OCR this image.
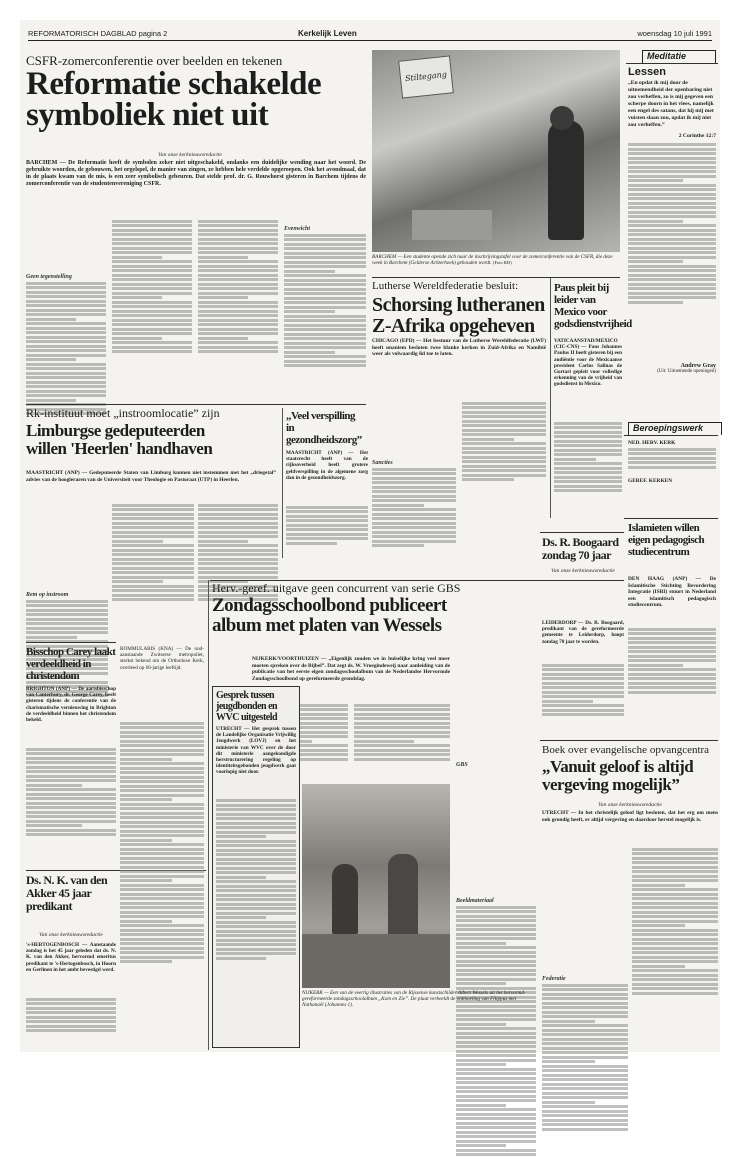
REFORMATORISCH DAGBLAD pagina 2	Kerkelijk Leven	woensdag 10 juli 1991
CSFR-zomerconferentie over beelden en tekenen
Reformatie schakelde
symboliek niet uit
Van onze kerknieuwsredactie
BARCHEM — De Reformatie heeft de symbolen zeker niet uitgeschakeld, ondanks een duidelijke wending naar het woord. De gebruikte woorden, de gebouwen, het orgelspel, de manier van zingen, ze hebben hele verdelde opgeroepen. Ook het avondmaal, dat in de plaats kwam van de mis, is een zeer symbolisch gebeuren. Dat stelde prof. dr. G. Rouwhorst gisteren in Barchem tijdens de zomerconferentie van de studentenvereniging CSFR.
Geen tegenstelling
Evenwicht
Stiltegang
BARCHEM — Een studente opende zich naar de inschrijvingstafel voor de zomerconferentie van de CSFR, die deze week in Barchem (Gelderse Achterhoek) gehouden wordt. (Foto RD)
Meditatie
Lessen
„En opdat ik mij door de uitnemendheid der openbaring niet zou verheffen, zo is mij gegeven een scherpe doorn in het vlees, namelijk een engel des satans, dat hij mij met vuisten slaan zou, opdat ik mij niet zou verheffen.”
2 Corinthe 12:7
Andrew Gray
(Uit: Uitnemende openingen)
Beroepingswerk
NED. HERV. KERK
GEREF. KERKEN
Islamieten willen eigen pedagogisch studiecentrum
DEN HAAG (ANP) — De Islamitische Stichting Bevordering Integratie (ISBI) stuurt in Nederland een islamitisch pedagogisch studiecentrum.
Lutherse Wereldfederatie besluit:
Schorsing lutheranen
Z-Afrika opgeheven
CHICAGO (EPD) — Het bestuur van de Lutherse Wereldfederatie (LWF) heeft unaniem besloten twee blanke kerken in Zuid-Afrika en Namibië weer als volwaardig lid toe te laten.
Sancties
Paus pleit bij leider van Mexico voor godsdienstvrijheid
VATICAANSTAD/MEXICO (CIC-CNS) — Paus Johannes Paulus II heeft gisteren bij een audiëntie voor de Mexicaanse president Carlos Salinas de Gortari gepleit voor volledige erkenning van de vrijheid van godsdienst in Mexico.
Rk-instituut moet „instroomlocatie” zijn
Limburgse gedeputeerden
willen 'Heerlen' handhaven
MAASTRICHT (ANP) — Gedeputeerde Staten van Limburg kunnen niet instemmen met het „driegetal” advies van de hoogleraren van de Universiteit voor Theologie en Pastoraat (UTP) in Heerlen.
Rem op instroom
„Veel verspilling
in gezondheidszorg”
MAASTRICHT (ANP) — Het staatsrecht heeft van de rijksoverheid heeft grotere geldverspilling in de algemene zorg dan in de gezondheidszorg.
Bisschop Carey laakt verdeeldheid in christendom
BRIGHTON (ANP) — De aartsbisschop van Canterbury, dr. George Carey, heeft gisteren tijdens de conferentie van de charismatische vernieuwing in Brighton de verdeeldheid binnen het christendom hekeld.
ROMMULARIS (KNA) — De oud-aanstaande Zwitserse metropoliet, sterkst bekend om de Orthodoxe Kerk, overleed op 66-jarige leeftijd.
Herv.-geref. uitgave geen concurrent van serie GBS
Zondagsschoolbond publiceert
album met platen van Wessels
NIJKERK/VOORTHUIZEN — „Eigenlijk zouden we in hulselijke kring veel meer moeten spreken over de Bijbel”. Dat zegt ds. W. Vroegindeweij naar aanleiding van de publicatie van het eerste eigen zondagsschoolalbum van de Nederlandse Hervormde Zondagsschoolbond op gereformeerde grondslag.
GBS
Beeldmateriaal
Gesprek tussen jeugdbonden en WVC uitgesteld
UTRECHT — Het gesprek tussen de Landelijke Organisatie Vrijwillig Jeugdwerk (LOVJ) en het ministerie van WVC over de door dit ministerie aangekondigde herstructurering regeling op identiteitsgebonden jeugdwerk gaat voorlopig niet door.
NIJKERK — Een van de veertig illustraties van de Rijssense kunstschilder Albert Wessels uit het hervormd-gereformeerde zondagsschoolalbum „Kom en Zie”. De plaat verbeeldt de ontmoeting van Filippus met Nathanaël (Johannes 1).
Ds. N. K. van den Akker 45 jaar predikant
Van onze kerknieuwsredactie
's-HERTOGENBOSCH — Aanstaande zondag is het 45 jaar geleden dat ds. N. K. van den Akker, hervormd emeritus predikant te 's-Hertogenbosch, in Hoorn en Gerlinen in het ambt bevestigd werd.
Ds. R. Boogaard zondag 70 jaar
Van onze kerknieuwsredactie
LEIDERDORP — Ds. R. Boogaard, predikant van de gereformeerde gemeente te Leiderdorp, hoopt zondag 70 jaar te worden.
Boek over evangelische opvangcentra
„Vanuit geloof is altijd
vergeving mogelijk”
Van onze kerknieuwsredactie
UTRECHT — In het christelijk geloof ligt besloten, dat het erg om mens ook grondig heeft, er altijd vergeving en daardoor herstel mogelijk is.
Federatie
